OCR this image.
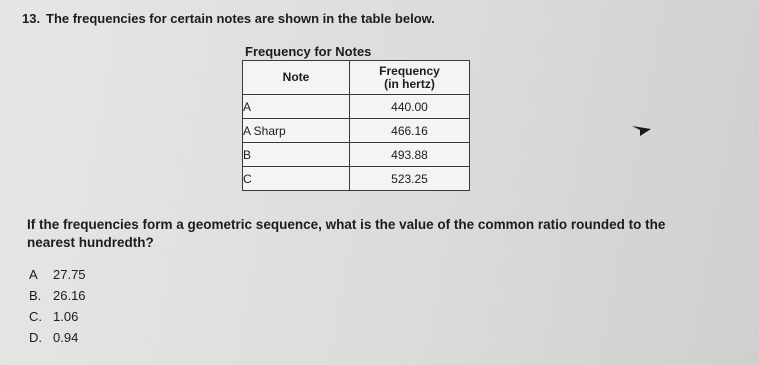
13. The frequencies for certain notes are shown in the table below.
Frequency for Notes
Note	Frequency
(in hertz)

A	440.00
A Sharp	466.16
B	493.88
C	523.25
If the frequencies form a geometric sequence, what is the value of the common ratio rounded to the nearest hundredth?
A 27.75
B. 26.16
C. 1.06
D. 0.94
